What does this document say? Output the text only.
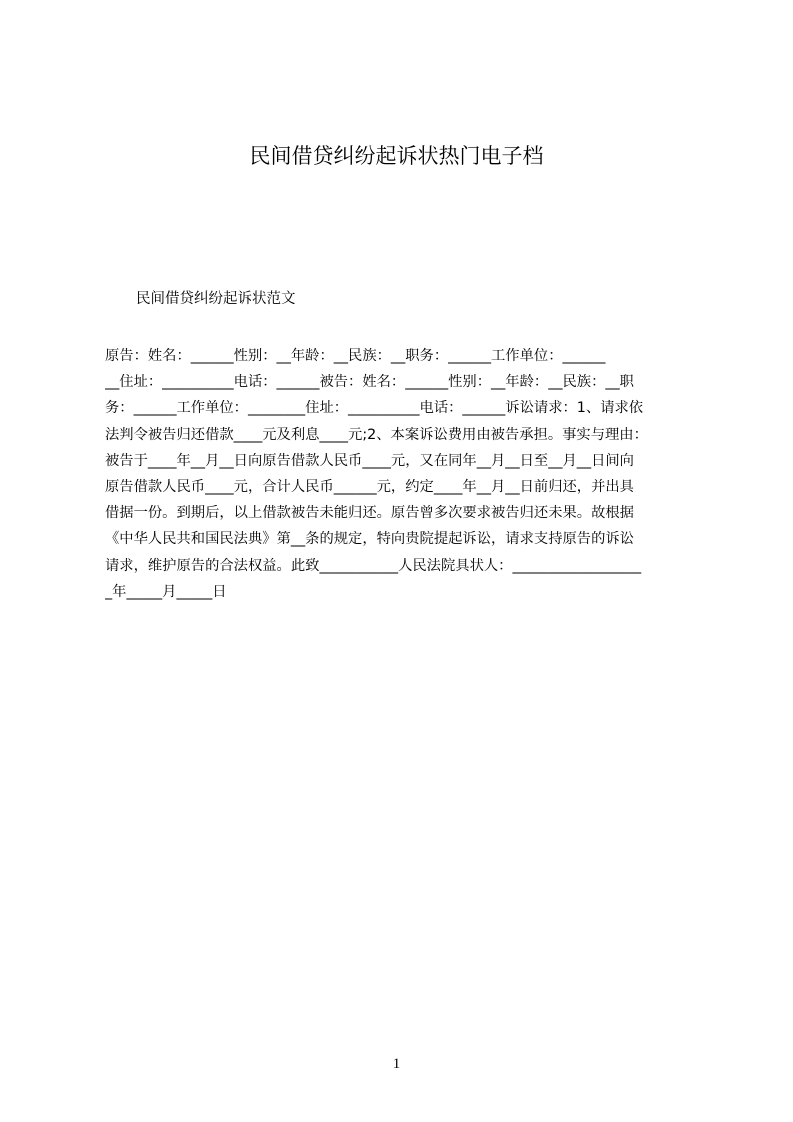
民间借贷纠纷起诉状热门电子档
民间借贷纠纷起诉状范文
原告：姓名：______性别：__年龄：__民族：__职务：______工作单位：______
__住址：__________电话：______被告：姓名：______性别：__年龄：__民族：__职
务：______工作单位：________住址：__________电话：______诉讼请求：1、请求依
法判令被告归还借款____元及利息____元;2、本案诉讼费用由被告承担。事实与理由：
被告于____年__月__日向原告借款人民币____元，又在同年__月__日至__月__日间向
原告借款人民币____元，合计人民币______元，约定____年__月__日前归还，并出具
借据一份。到期后，以上借款被告未能归还。原告曾多次要求被告归还未果。故根据
《中华人民共和国民法典》第__条的规定，特向贵院提起诉讼，请求支持原告的诉讼
请求，维护原告的合法权益。此致___________人民法院具状人：__________________
_年_____月_____日
1
